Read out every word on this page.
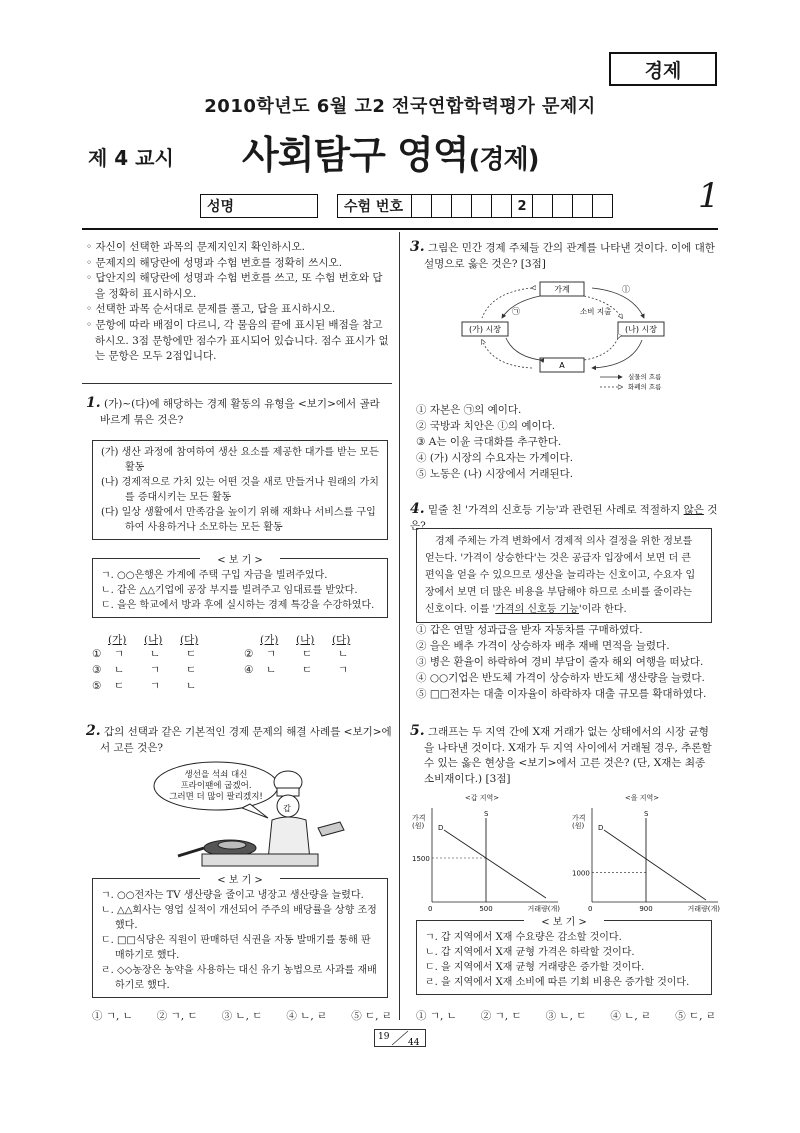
경제
2010학년도 6월 고2 전국연합학력평가 문제지
제 4 교시 사회탐구 영역(경제)
1
성명	수험 번호	2
◦ 자신이 선택한 과목의 문제지인지 확인하시오.
◦ 문제지의 해당란에 성명과 수험 번호를 정확히 쓰시오.
◦ 답안지의 해당란에 성명과 수험 번호를 쓰고, 또 수험 번호와 답을 정확히 표시하시오.
◦ 선택한 과목 순서대로 문제를 풀고, 답을 표시하시오.
◦ 문항에 따라 배점이 다르니, 각 물음의 끝에 표시된 배점을 참고하시오. 3점 문항에만 점수가 표시되어 있습니다. 점수 표시가 없는 문항은 모두 2점입니다.
1. (가)~(다)에 해당하는 경제 활동의 유형을 <보기>에서 골라 바르게 묶은 것은?
(가) 생산 과정에 참여하여 생산 요소를 제공한 대가를 받는 모든 활동
(나) 경제적으로 가치 있는 어떤 것을 새로 만들거나 원래의 가치를 증대시키는 모든 활동
(다) 일상 생활에서 만족감을 높이기 위해 재화나 서비스를 구입하여 사용하거나 소모하는 모든 활동
< 보 기 >
ㄱ. ○○은행은 가계에 주택 구입 자금을 빌려주었다.
ㄴ. 갑은 △△기업에 공장 부지를 빌려주고 임대료를 받았다.
ㄷ. 을은 학교에서 방과 후에 실시하는 경제 특강을 수강하였다.
(가)	(나)	(다)	(가)	(나)	(다)
①	ㄱ	ㄴ	ㄷ	②	ㄱ	ㄷ	ㄴ
③	ㄴ	ㄱ	ㄷ	④	ㄴ	ㄷ	ㄱ
⑤	ㄷ	ㄱ	ㄴ
2. 갑의 선택과 같은 기본적인 경제 문제의 해결 사례를 <보기>에서 고른 것은?
생선을 석쇠 대신
프라이팬에 굽겠어.
그러면 더 많이 팔리겠지!
갑
< 보 기 >
ㄱ. ○○전자는 TV 생산량을 줄이고 냉장고 생산량을 늘렸다.
ㄴ. △△회사는 영업 실적이 개선되어 주주의 배당률을 상향 조정했다.
ㄷ. □□식당은 직원이 판매하던 식권을 자동 발매기를 통해 판매하기로 했다.
ㄹ. ◇◇농장은 농약을 사용하는 대신 유기 농법으로 사과를 재배하기로 했다.
① ㄱ, ㄴ ② ㄱ, ㄷ ③ ㄴ, ㄷ ④ ㄴ, ㄹ ⑤ ㄷ, ㄹ
3. 그림은 민간 경제 주체들 간의 관계를 나타낸 것이다. 이에 대한 설명으로 옳은 것은? [3점]
가계
(가) 시장	(나) 시장
A
ⓛ
㉠	소비 지출
실물의 흐름
화폐의 흐름
① 자본은 ㉠의 예이다.
② 국방과 치안은 ⓛ의 예이다.
③ A는 이윤 극대화를 추구한다.
④ (가) 시장의 수요자는 가계이다.
⑤ 노동은 (나) 시장에서 거래된다.
4. 밑줄 친 '가격의 신호등 기능'과 관련된 사례로 적절하지 않은 것은?
경제 주체는 가격 변화에서 경제적 의사 결정을 위한 정보를 얻는다. '가격이 상승한다'는 것은 공급자 입장에서 보면 더 큰 편익을 얻을 수 있으므로 생산을 늘리라는 신호이고, 수요자 입장에서 보면 더 많은 비용을 부담해야 하므로 소비를 줄이라는 신호이다. 이를 '가격의 신호등 기능'이라 한다.
① 갑은 연말 성과급을 받자 자동차를 구매하였다.
② 을은 배추 가격이 상승하자 배추 재배 면적을 늘렸다.
③ 병은 환율이 하락하여 경비 부담이 줄자 해외 여행을 떠났다.
④ ○○기업은 반도체 가격이 상승하자 반도체 생산량을 늘렸다.
⑤ □□전자는 대출 이자율이 하락하자 대출 규모를 확대하였다.
5. 그래프는 두 지역 간에 X재 거래가 없는 상태에서의 시장 균형을 나타낸 것이다. X재가 두 지역 사이에서 거래될 경우, 추론할 수 있는 옳은 현상을 <보기>에서 고른 것은? (단, X재는 최종 소비재이다.) [3점]
<갑 지역>
가격
(원)
거래량(개)
0
S
D
1500
500
<을 지역>
가격
(원)
거래량(개)
0
S
D
1000
900
< 보 기 >
ㄱ. 갑 지역에서 X재 수요량은 감소할 것이다.
ㄴ. 갑 지역에서 X재 균형 가격은 하락할 것이다.
ㄷ. 을 지역에서 X재 균형 거래량은 증가할 것이다.
ㄹ. 을 지역에서 X재 소비에 따른 기회 비용은 증가할 것이다.
① ㄱ, ㄴ ② ㄱ, ㄷ ③ ㄴ, ㄷ ④ ㄴ, ㄹ ⑤ ㄷ, ㄹ
19
44
